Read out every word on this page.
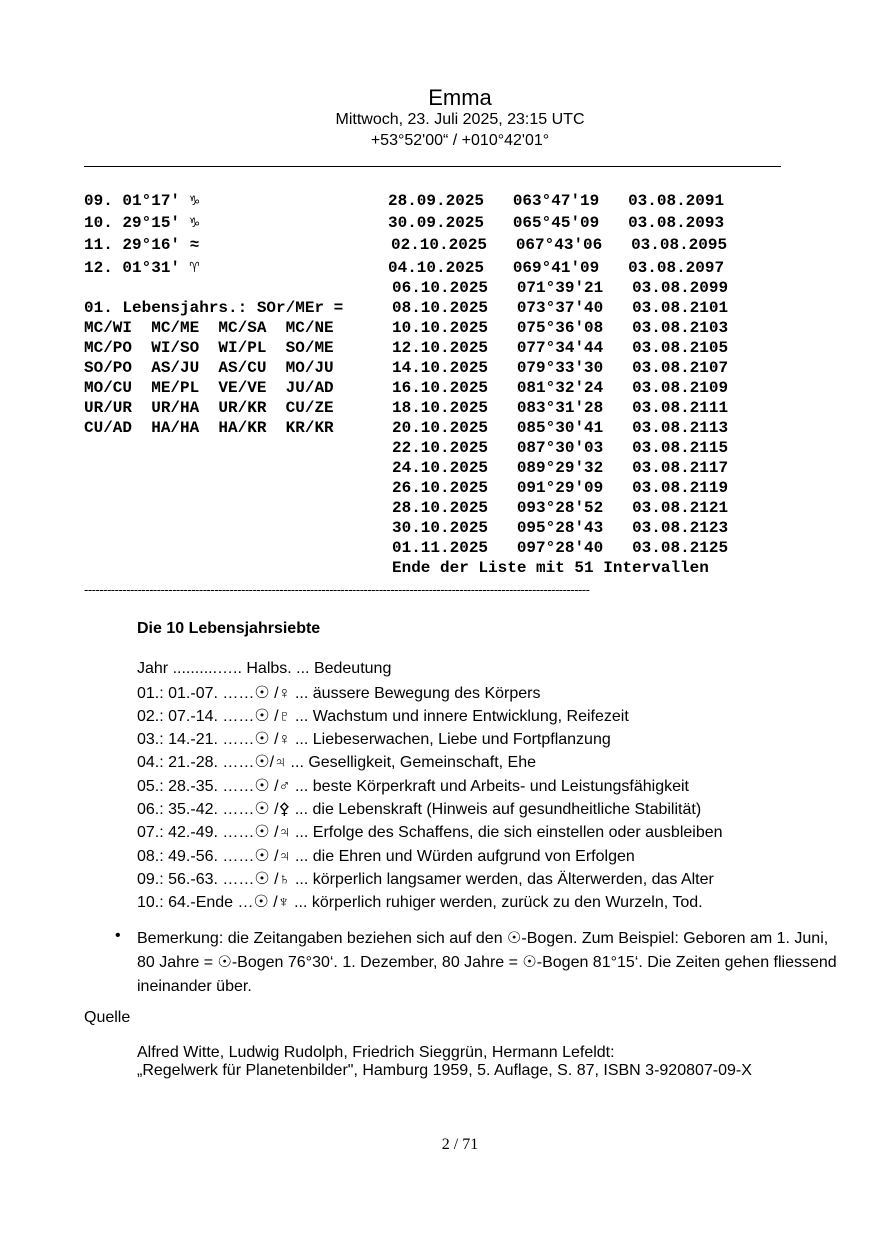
Emma
Mittwoch, 23. Juli 2025, 23:15 UTC
+53°52'00“ / +010°42'01°
09. 01°17' ♑
10. 29°15' ♑
11. 29°16' ≈
12. 01°31' ♈
01. Lebensjahrs.: SOr/MEr =
MC/WI  MC/ME  MC/SA  MC/NE
MC/PO  WI/SO  WI/PL  SO/ME
SO/PO  AS/JU  AS/CU  MO/JU
MO/CU  ME/PL  VE/VE  JU/AD
UR/UR  UR/HA  UR/KR  CU/ZE
CU/AD  HA/HA  HA/KR  KR/KR
28.09.2025 063°47'19 03.08.2091
30.09.2025 065°45'09 03.08.2093
02.10.2025 067°43'06 03.08.2095
04.10.2025 069°41'09 03.08.2097
06.10.2025 071°39'21 03.08.2099
08.10.2025 073°37'40 03.08.2101
10.10.2025 075°36'08 03.08.2103
12.10.2025 077°34'44 03.08.2105
14.10.2025 079°33'30 03.08.2107
16.10.2025 081°32'24 03.08.2109
18.10.2025 083°31'28 03.08.2111
20.10.2025 085°30'41 03.08.2113
22.10.2025 087°30'03 03.08.2115
24.10.2025 089°29'32 03.08.2117
26.10.2025 091°29'09 03.08.2119
28.10.2025 093°28'52 03.08.2121
30.10.2025 095°28'43 03.08.2123
01.11.2025 097°28'40 03.08.2125
Ende der Liste mit 51 Intervallen
------------------------------------------------------------------------------------------------------------------------------------
Die 10 Lebensjahrsiebte
Jahr ..........….. Halbs. ... Bedeutung
01.: 01.-07. ……☉ /♀ ... äussere Bewegung des Körpers
02.: 07.-14. ……☉ /♇ ... Wachstum und innere Entwicklung, Reifezeit
03.: 14.-21. ……☉ /♀ ... Liebeserwachen, Liebe und Fortpflanzung
04.: 21.-28. ……☉/♃ ... Geselligkeit, Gemeinschaft, Ehe
05.: 28.-35. ……☉ /♂ ... beste Körperkraft und Arbeits- und Leistungsfähigkeit
06.: 35.-42. ……☉ /⚴ ... die Lebenskraft (Hinweis auf gesundheitliche Stabilität)
07.: 42.-49. ……☉ /♃ ... Erfolge des Schaffens, die sich einstellen oder ausbleiben
08.: 49.-56. ……☉ /♃ ... die Ehren und Würden aufgrund von Erfolgen
09.: 56.-63. ……☉ /♄ ... körperlich langsamer werden, das Älterwerden, das Alter
10.: 64.-Ende …☉ /♆ ... körperlich ruhiger werden, zurück zu den Wurzeln, Tod.
• Bemerkung: die Zeitangaben beziehen sich auf den ☉-Bogen. Zum Beispiel: Geboren am 1. Juni, 80 Jahre = ☉-Bogen 76°30‘. 1. Dezember, 80 Jahre = ☉-Bogen 81°15‘. Die Zeiten gehen fliessend ineinander über.
Quelle
Alfred Witte, Ludwig Rudolph, Friedrich Sieggrün, Hermann Lefeldt:
„Regelwerk für Planetenbilder", Hamburg 1959, 5. Auflage, S. 87, ISBN 3-920807-09-X
2 / 71
